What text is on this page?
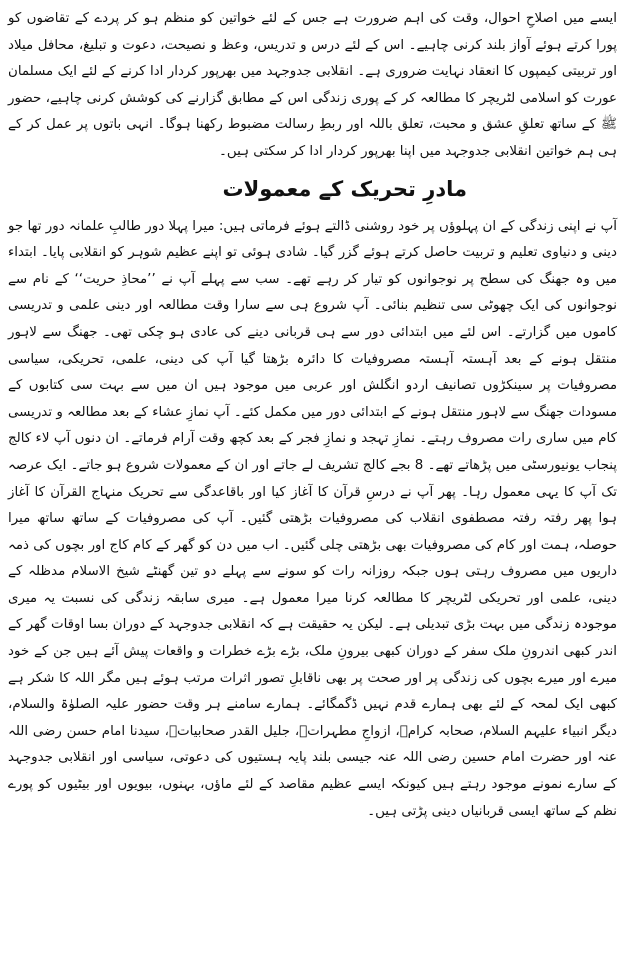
ایسے میں اصلاحِ احوال، وقت کی اہم ضرورت ہے جس کے لئے خواتین کو منظم ہو کر پردے کے تقاضوں کو پورا کرتے ہوئے آواز بلند کرنی چاہیے۔ اس کے لئے درس و تدریس، وعظ و نصیحت، دعوت و تبلیغ، محافل میلاد اور تربیتی کیمپوں کا انعقاد نہایت ضروری ہے۔ انقلابی جدوجہد میں بھرپور کردار ادا کرنے کے لئے ایک مسلمان عورت کو اسلامی لٹریچر کا مطالعہ کر کے پوری زندگی اس کے مطابق گزارنے کی کوشش کرنی چاہیے، حضور ﷺ کے ساتھ تعلقِ عشق و محبت، تعلق باللہ اور ربطِ رسالت مضبوط رکھنا ہوگا۔ انہی باتوں پر عمل کر کے ہی ہم خواتین انقلابی جدوجہد میں اپنا بھرپور کردار ادا کر سکتی ہیں۔

مادرِ تحریک کے معمولات

آپ نے اپنی زندگی کے ان پہلوؤں پر خود روشنی ڈالتے ہوئے فرماتی ہیں: میرا پہلا دور طالبِ علمانہ دور تھا جو دینی و دنیاوی تعلیم و تربیت حاصل کرتے ہوئے گزر گیا۔ شادی ہوئی تو اپنے عظیم شوہر کو انقلابی پایا۔ ابتداء میں وہ جھنگ کی سطح پر نوجوانوں کو تیار کر رہے تھے۔ سب سے پہلے آپ نے ’’محاذِ حریت‘‘ کے نام سے نوجوانوں کی ایک چھوٹی سی تنظیم بنائی۔ آپ شروع ہی سے سارا وقت مطالعہ اور دینی علمی و تدریسی کاموں میں گزارتے۔ اس لئے میں ابتدائی دور سے ہی قربانی دینے کی عادی ہو چکی تھی۔ جھنگ سے لاہور منتقل ہونے کے بعد آہستہ آہستہ مصروفیات کا دائرہ بڑھتا گیا آپ کی دینی، علمی، تحریکی، سیاسی مصروفیات پر سینکڑوں تصانیف اردو انگلش اور عربی میں موجود ہیں ان میں سے بہت سی کتابوں کے مسودات جھنگ سے لاہور منتقل ہونے کے ابتدائی دور میں مکمل کئے۔ آپ نمازِ عشاء کے بعد مطالعہ و تدریسی کام میں ساری رات مصروف رہتے۔ نمازِ تہجد و نمازِ فجر کے بعد کچھ وقت آرام فرماتے۔ ان دنوں آپ لاء کالج پنجاب یونیورسٹی میں پڑھاتے تھے۔ 8 بجے کالج تشریف لے جاتے اور ان کے معمولات شروع ہو جاتے۔ ایک عرصہ تک آپ کا یہی معمول رہا۔ پھر آپ نے درسِ قرآن کا آغاز کیا اور باقاعدگی سے تحریک منہاج القرآن کا آغاز ہوا پھر رفتہ رفتہ مصطفوی انقلاب کی مصروفیات بڑھتی گئیں۔ آپ کی مصروفیات کے ساتھ ساتھ میرا حوصلہ، ہمت اور کام کی مصروفیات بھی بڑھتی چلی گئیں۔ اب میں دن کو گھر کے کام کاج اور بچوں کی ذمہ داریوں میں مصروف رہتی ہوں جبکہ روزانہ رات کو سونے سے پہلے دو تین گھنٹے شیخ الاسلام مدظلہ کے دینی، علمی اور تحریکی لٹریچر کا مطالعہ کرنا میرا معمول ہے۔ میری سابقہ زندگی کی نسبت یہ میری موجودہ زندگی میں بہت بڑی تبدیلی ہے۔ لیکن یہ حقیقت ہے کہ انقلابی جدوجہد کے دوران بسا اوقات گھر کے اندر کبھی اندرونِ ملک سفر کے دوران کبھی بیرونِ ملک، بڑے بڑے خطرات و واقعات پیش آئے ہیں جن کے خود میرے اور میرے بچوں کی زندگی پر اور صحت پر بھی ناقابلِ تصور اثرات مرتب ہوئے ہیں مگر اللہ کا شکر ہے کبھی ایک لمحہ کے لئے بھی ہمارے قدم نہیں ڈگمگائے۔ ہمارے سامنے ہر وقت حضور علیہ الصلوٰۃ والسلام، دیگر انبیاء علیہم السلام، صحابہ کرامؓ، ازواجِ مطہراتؓ، جلیل القدر صحابیاتؓ، سیدنا امام حسن رضی اللہ عنہ اور حضرت امام حسین رضی اللہ عنہ جیسی بلند پایہ ہستیوں کی دعوتی، سیاسی اور انقلابی جدوجہد کے سارے نمونے موجود رہتے ہیں کیونکہ ایسے عظیم مقاصد کے لئے ماؤں، بہنوں، بیویوں اور بیٹیوں کو پورے نظم کے ساتھ ایسی قربانیاں دینی پڑتی ہیں۔
